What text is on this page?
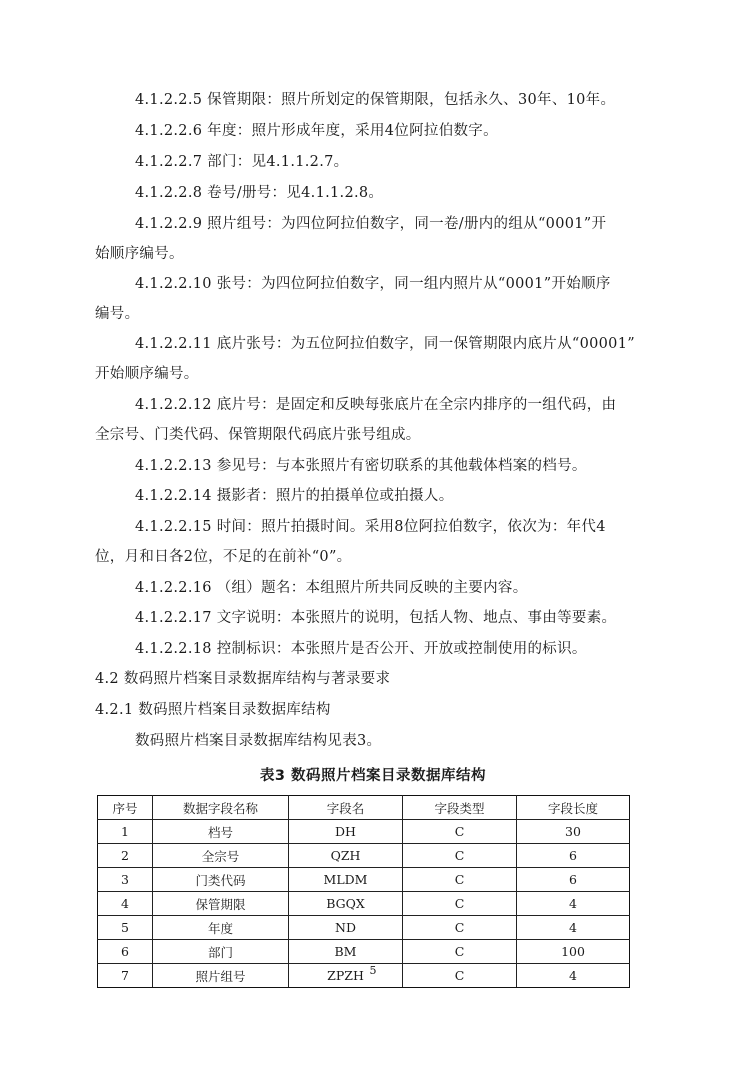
4.1.2.2.5 保管期限：照片所划定的保管期限，包括永久、30年、10年。
4.1.2.2.6 年度：照片形成年度，采用4位阿拉伯数字。
4.1.2.2.7 部门：见4.1.1.2.7。
4.1.2.2.8 卷号/册号：见4.1.1.2.8。
4.1.2.2.9 照片组号：为四位阿拉伯数字，同一卷/册内的组从“0001”开
始顺序编号。
4.1.2.2.10 张号：为四位阿拉伯数字，同一组内照片从“0001”开始顺序
编号。
4.1.2.2.11 底片张号：为五位阿拉伯数字，同一保管期限内底片从“00001”
开始顺序编号。
4.1.2.2.12 底片号：是固定和反映每张底片在全宗内排序的一组代码，由
全宗号、门类代码、保管期限代码底片张号组成。
4.1.2.2.13 参见号：与本张照片有密切联系的其他载体档案的档号。
4.1.2.2.14 摄影者：照片的拍摄单位或拍摄人。
4.1.2.2.15 时间：照片拍摄时间。采用8位阿拉伯数字，依次为：年代4
位，月和日各2位，不足的在前补“0”。
4.1.2.2.16 （组）题名：本组照片所共同反映的主要内容。
4.1.2.2.17 文字说明：本张照片的说明，包括人物、地点、事由等要素。
4.1.2.2.18 控制标识：本张照片是否公开、开放或控制使用的标识。
4.2 数码照片档案目录数据库结构与著录要求
4.2.1 数码照片档案目录数据库结构
数码照片档案目录数据库结构见表3。
表3 数码照片档案目录数据库结构
序号	数据字段名称	字段名	字段类型	字段长度
1	档号	DH	C	30
2	全宗号	QZH	C	6
3	门类代码	MLDM	C	6
4	保管期限	BGQX	C	4
5	年度	ND	C	4
6	部门	BM	C	100
7	照片组号	ZPZH	C	4
5
